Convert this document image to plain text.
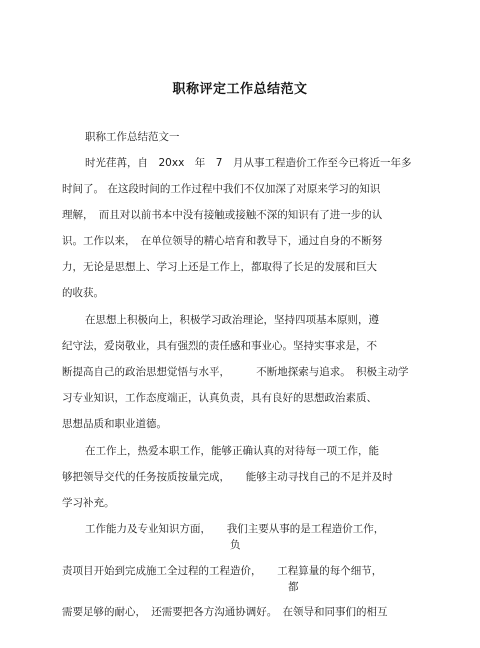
职称评定工作总结范文
职称工作总结范文一
时光荏苒，自　20xx　年　7　月从事工程造价工作至今已将近一年多
时间了。 在这段时间的工作过程中我们不仅加深了对原来学习的知识
理解，　而且对以前书本中没有接触或接触不深的知识有了进一步的认
识。工作以来，　在单位领导的精心培育和教导下，通过自身的不断努
力，无论是思想上、学习上还是工作上，都取得了长足的发展和巨大
的收获。
在思想上积极向上，积极学习政治理论，坚持四项基本原则，遵
纪守法，爱岗敬业，具有强烈的责任感和事业心。坚持实事求是，不
断提高自己的政治思想觉悟与水平，　　　不断地探索与追求。　积极主动学
习专业知识，工作态度端正，认真负责，具有良好的思想政治素质、
思想品质和职业道德。
在工作上，热爱本职工作，能够正确认真的对待每一项工作，能
够把领导交代的任务按质按量完成，　　能够主动寻找自己的不足并及时
学习补充。
工作能力及专业知识方面，　　我们主要从事的是工程造价工作，
负
责项目开始到完成施工全过程的工程造价，　　工程算量的每个细节，
都
需要足够的耐心，　还需要把各方沟通协调好。　在领导和同事们的相互
